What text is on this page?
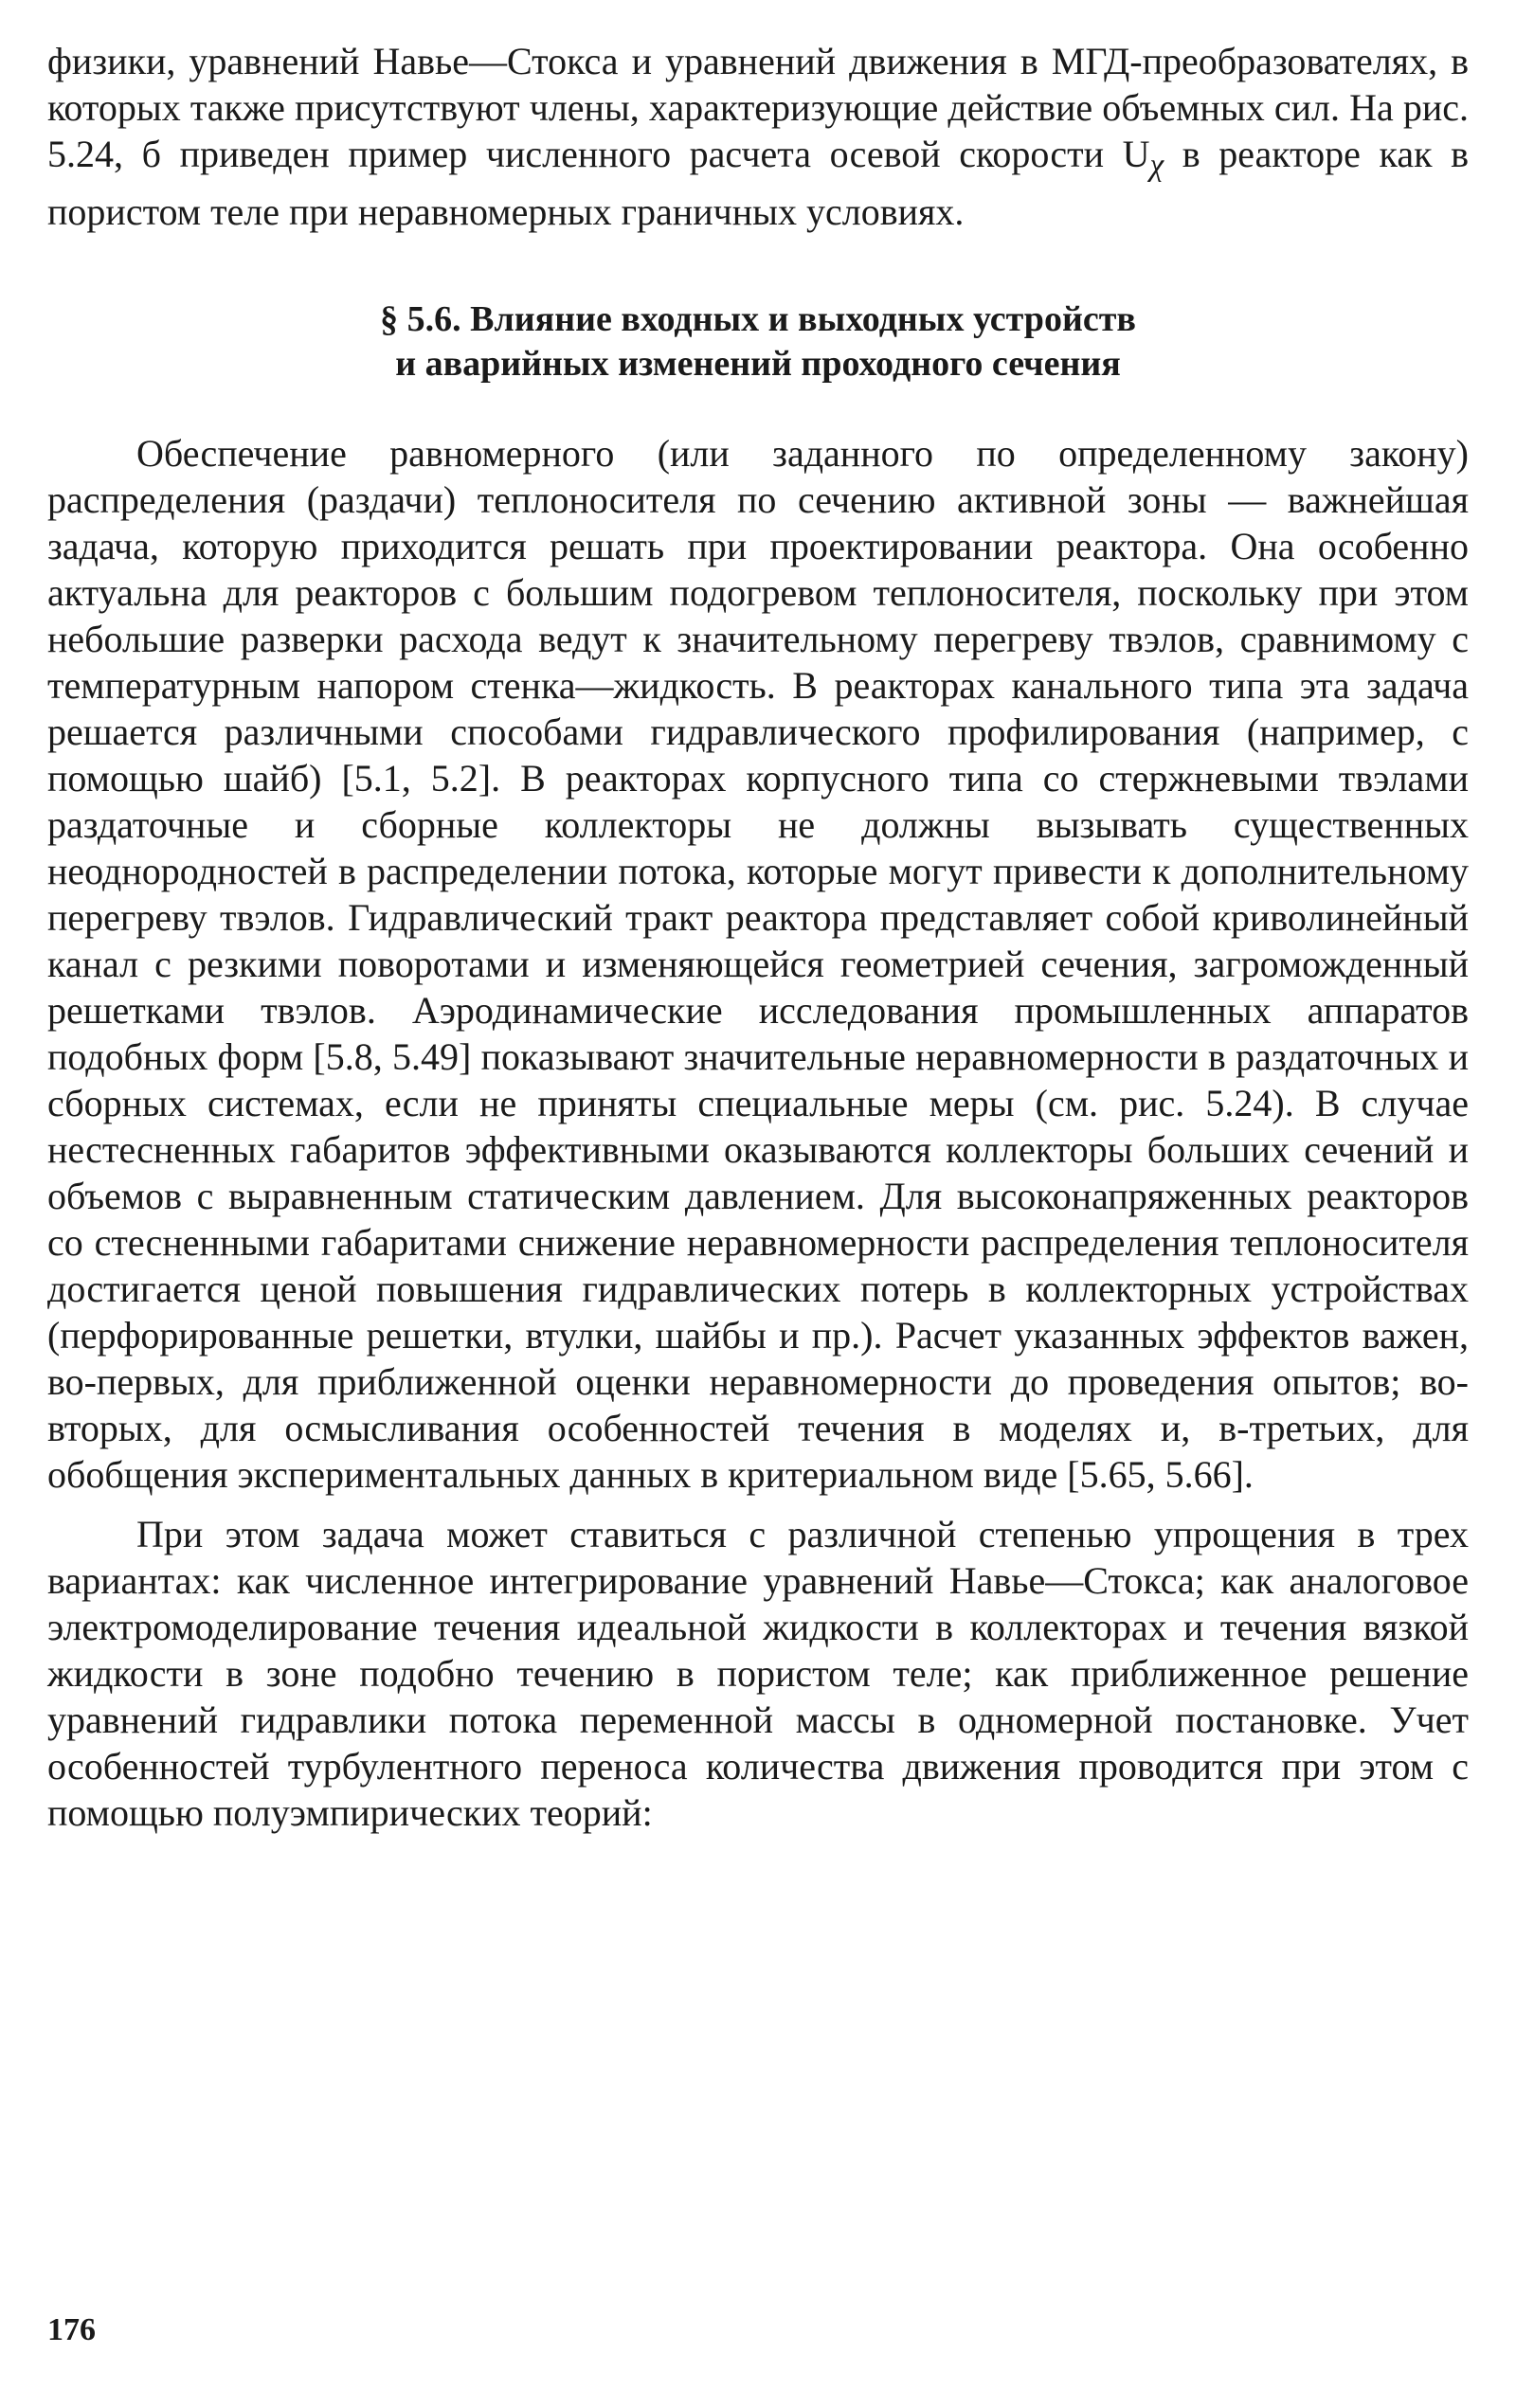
физики, уравнений Навье—Стокса и уравнений движения в МГД-преобразователях, в которых также присутствуют члены, характеризующие действие объемных сил. На рис. 5.24, б приведен пример численного расчета осевой скорости $U_\chi$ в реакторе как в пористом теле при неравномерных граничных условиях.

§ 5.6. Влияние входных и выходных устройств
и аварийных изменений проходного сечения

Обеспечение равномерного (или заданного по определенному закону) распределения (раздачи) теплоносителя по сечению активной зоны — важнейшая задача, которую приходится решать при проектировании реактора. Она особенно актуальна для реакторов с большим подогревом теплоносителя, поскольку при этом небольшие разверки расхода ведут к значительному перегреву твэлов, сравнимому с температурным напором стенка—жидкость. В реакторах канального типа эта задача решается различными способами гидравлического профилирования (например, с помощью шайб) [5.1, 5.2]. В реакторах корпусного типа со стержневыми твэлами раздаточные и сборные коллекторы не должны вызывать существенных неоднородностей в распределении потока, которые могут привести к дополнительному перегреву твэлов. Гидравлический тракт реактора представляет собой криволинейный канал с резкими поворотами и изменяющейся геометрией сечения, загроможденный решетками твэлов. Аэродинамические исследования промышленных аппаратов подобных форм [5.8, 5.49] показывают значительные неравномерности в раздаточных и сборных системах, если не приняты специальные меры (см. рис. 5.24). В случае нестесненных габаритов эффективными оказываются коллекторы больших сечений и объемов с выравненным статическим давлением. Для высоконапряженных реакторов со стесненными габаритами снижение неравномерности распределения теплоносителя достигается ценой повышения гидравлических потерь в коллекторных устройствах (перфорированные решетки, втулки, шайбы и пр.). Расчет указанных эффектов важен, во-первых, для приближенной оценки неравномерности до проведения опытов; во-вторых, для осмысливания особенностей течения в моделях и, в-третьих, для обобщения экспериментальных данных в критериальном виде [5.65, 5.66].

При этом задача может ставиться с различной степенью упрощения в трех вариантах: как численное интегрирование уравнений Навье—Стокса; как аналоговое электромоделирование течения идеальной жидкости в коллекторах и течения вязкой жидкости в зоне подобно течению в пористом теле; как приближенное решение уравнений гидравлики потока переменной массы в одномерной постановке. Учет особенностей турбулентного переноса количества движения проводится при этом с помощью полуэмпирических теорий:

176
